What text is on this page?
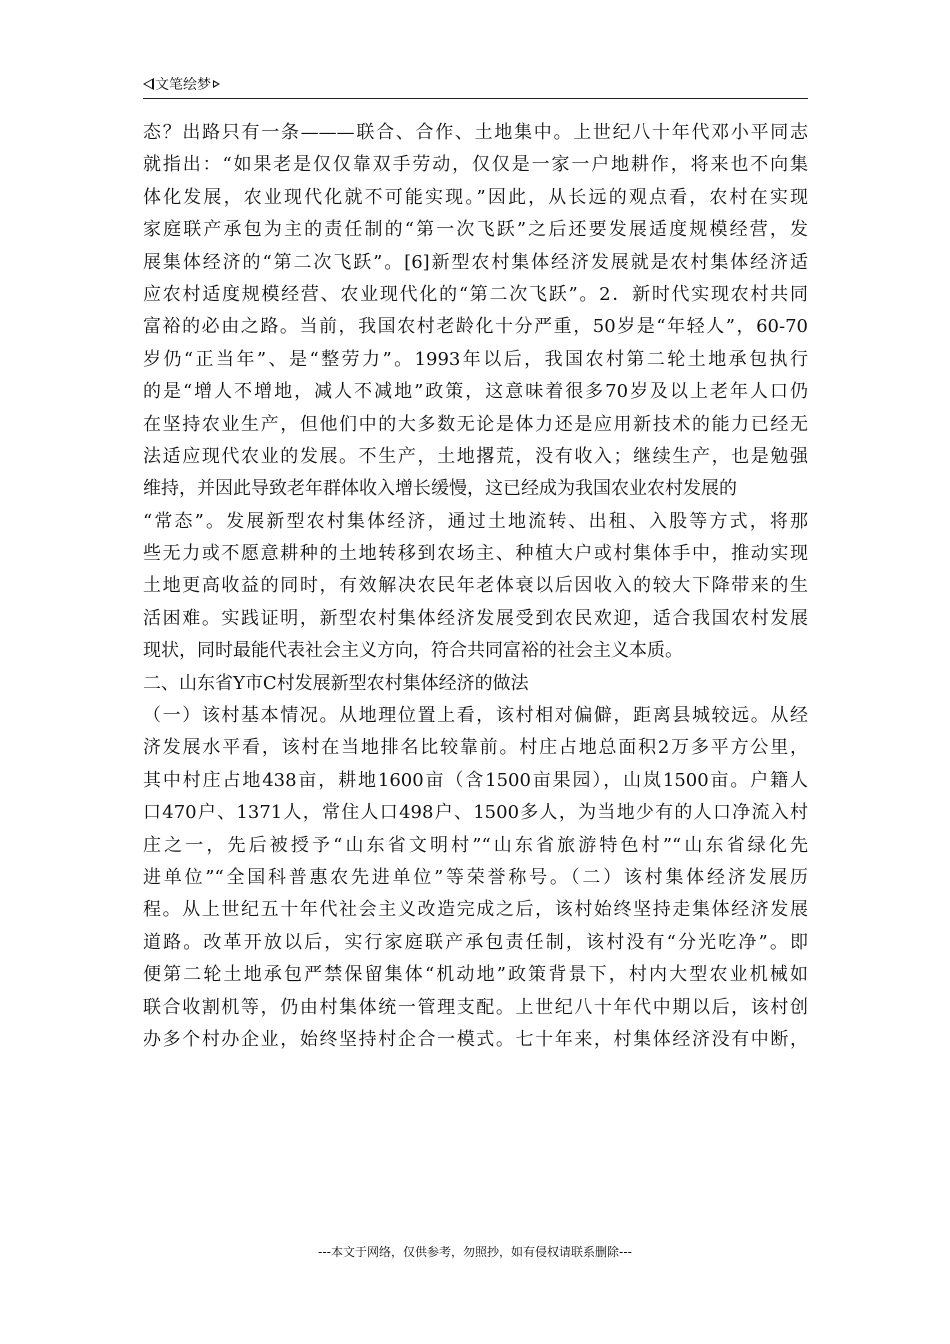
文笔绘梦
态？出路只有一条———联合、合作、土地集中。上世纪八十年代邓小平同志
就指出：“如果老是仅仅靠双手劳动，仅仅是一家一户地耕作，将来也不向集
体化发展，农业现代化就不可能实现。”因此，从长远的观点看，农村在实现
家庭联产承包为主的责任制的“第一次飞跃”之后还要发展适度规模经营，发
展集体经济的“第二次飞跃”。[6]新型农村集体经济发展就是农村集体经济适
应农村适度规模经营、农业现代化的“第二次飞跃”。2．新时代实现农村共同
富裕的必由之路。当前，我国农村老龄化十分严重，50岁是“年轻人”，60-70
岁仍“正当年”、是“整劳力”。1993年以后，我国农村第二轮土地承包执行
的是“增人不增地，减人不减地”政策，这意味着很多70岁及以上老年人口仍
在坚持农业生产，但他们中的大多数无论是体力还是应用新技术的能力已经无
法适应现代农业的发展。不生产，土地撂荒，没有收入；继续生产，也是勉强
维持，并因此导致老年群体收入增长缓慢，这已经成为我国农业农村发展的
“常态”。发展新型农村集体经济，通过土地流转、出租、入股等方式，将那
些无力或不愿意耕种的土地转移到农场主、种植大户或村集体手中，推动实现
土地更高收益的同时，有效解决农民年老体衰以后因收入的较大下降带来的生
活困难。实践证明，新型农村集体经济发展受到农民欢迎，适合我国农村发展
现状，同时最能代表社会主义方向，符合共同富裕的社会主义本质。
二、山东省Y市C村发展新型农村集体经济的做法
（一）该村基本情况。从地理位置上看，该村相对偏僻，距离县城较远。从经
济发展水平看，该村在当地排名比较靠前。村庄占地总面积2万多平方公里，
其中村庄占地438亩，耕地1600亩（含1500亩果园），山岚1500亩。户籍人
口470户、1371人，常住人口498户、1500多人，为当地少有的人口净流入村
庄之一，先后被授予“山东省文明村”“山东省旅游特色村”“山东省绿化先
进单位”“全国科普惠农先进单位”等荣誉称号。（二）该村集体经济发展历
程。从上世纪五十年代社会主义改造完成之后，该村始终坚持走集体经济发展
道路。改革开放以后，实行家庭联产承包责任制，该村没有“分光吃净”。即
便第二轮土地承包严禁保留集体“机动地”政策背景下，村内大型农业机械如
联合收割机等，仍由村集体统一管理支配。上世纪八十年代中期以后，该村创
办多个村办企业，始终坚持村企合一模式。七十年来，村集体经济没有中断，
---本文于网络，仅供参考，勿照抄，如有侵权请联系删除---
